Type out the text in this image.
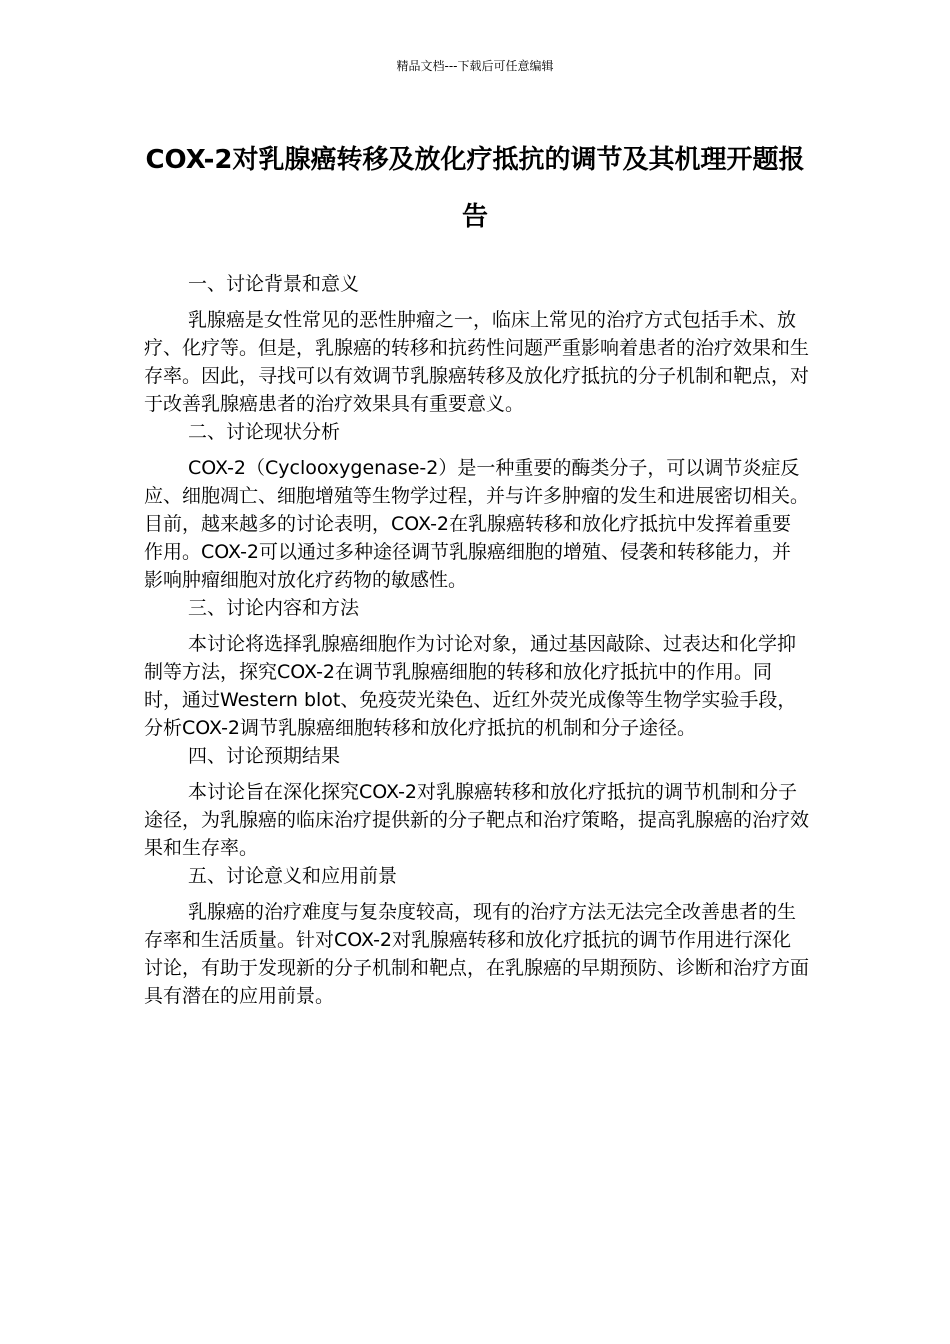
精品文档---下载后可任意编辑
COX-2对乳腺癌转移及放化疗抵抗的调节及其机理开题报告

一、讨论背景和意义

乳腺癌是女性常见的恶性肿瘤之一，临床上常见的治疗方式包括手术、放疗、化疗等。但是，乳腺癌的转移和抗药性问题严重影响着患者的治疗效果和生存率。因此，寻找可以有效调节乳腺癌转移及放化疗抵抗的分子机制和靶点，对于改善乳腺癌患者的治疗效果具有重要意义。

二、讨论现状分析

COX-2（Cyclooxygenase-2）是一种重要的酶类分子，可以调节炎症反应、细胞凋亡、细胞增殖等生物学过程，并与许多肿瘤的发生和进展密切相关。目前，越来越多的讨论表明，COX-2在乳腺癌转移和放化疗抵抗中发挥着重要作用。COX-2可以通过多种途径调节乳腺癌细胞的增殖、侵袭和转移能力，并影响肿瘤细胞对放化疗药物的敏感性。

三、讨论内容和方法

本讨论将选择乳腺癌细胞作为讨论对象，通过基因敲除、过表达和化学抑制等方法，探究COX-2在调节乳腺癌细胞的转移和放化疗抵抗中的作用。同时，通过Western blot、免疫荧光染色、近红外荧光成像等生物学实验手段，分析COX-2调节乳腺癌细胞转移和放化疗抵抗的机制和分子途径。

四、讨论预期结果

本讨论旨在深化探究COX-2对乳腺癌转移和放化疗抵抗的调节机制和分子途径，为乳腺癌的临床治疗提供新的分子靶点和治疗策略，提高乳腺癌的治疗效果和生存率。

五、讨论意义和应用前景

乳腺癌的治疗难度与复杂度较高，现有的治疗方法无法完全改善患者的生存率和生活质量。针对COX-2对乳腺癌转移和放化疗抵抗的调节作用进行深化讨论，有助于发现新的分子机制和靶点，在乳腺癌的早期预防、诊断和治疗方面具有潜在的应用前景。
